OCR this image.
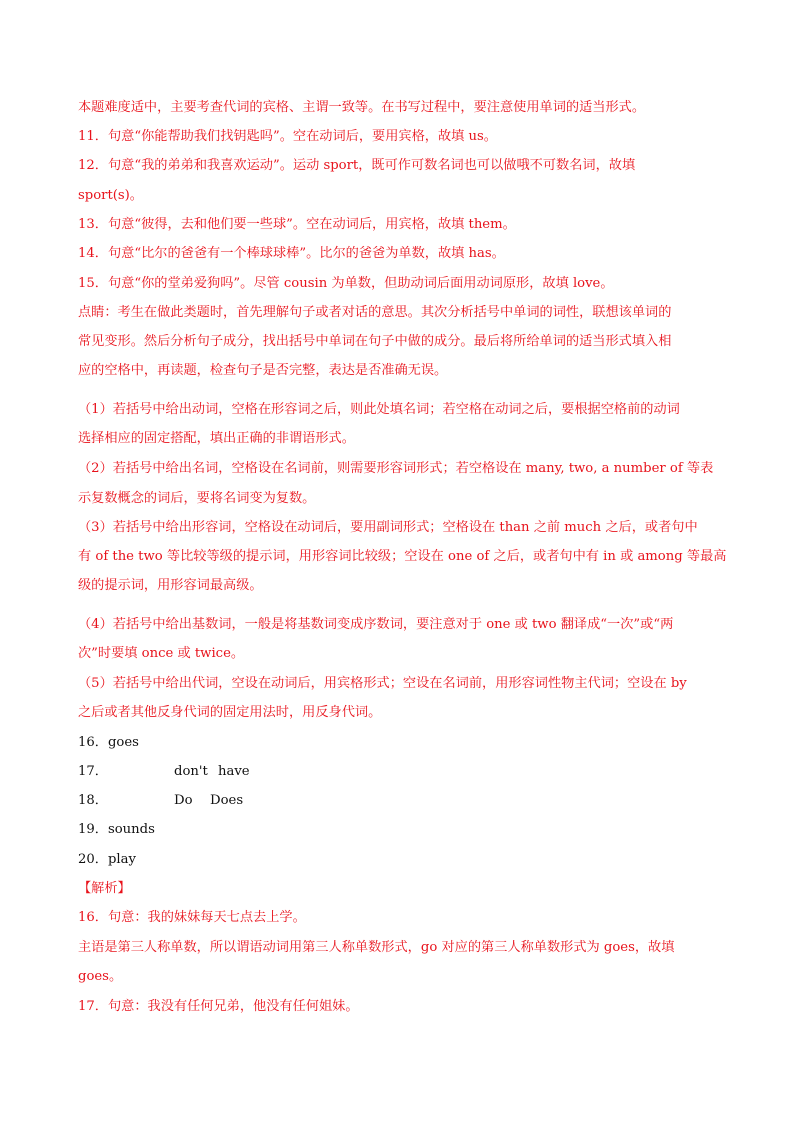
本题难度适中，主要考查代词的宾格、主谓一致等。在书写过程中，要注意使用单词的适当形式。
11．句意“你能帮助我们找钥匙吗”。空在动词后，要用宾格，故填 us。
12．句意“我的弟弟和我喜欢运动”。运动 sport，既可作可数名词也可以做哦不可数名词，故填
sport(s)。
13．句意“彼得，去和他们要一些球”。空在动词后，用宾格，故填 them。
14．句意“比尔的爸爸有一个棒球球棒”。比尔的爸爸为单数，故填 has。
15．句意“你的堂弟爱狗吗”。尽管 cousin 为单数，但助动词后面用动词原形，故填 love。
点睛：考生在做此类题时，首先理解句子或者对话的意思。其次分析括号中单词的词性，联想该单词的
常见变形。然后分析句子成分，找出括号中单词在句子中做的成分。最后将所给单词的适当形式填入相
应的空格中，再读题，检查句子是否完整，表达是否准确无误。
（1）若括号中给出动词，空格在形容词之后，则此处填名词；若空格在动词之后，要根据空格前的动词
选择相应的固定搭配，填出正确的非谓语形式。
（2）若括号中给出名词，空格设在名词前，则需要形容词形式；若空格设在 many, two, a number of 等表
示复数概念的词后，要将名词变为复数。
（3）若括号中给出形容词，空格设在动词后，要用副词形式；空格设在 than 之前 much 之后，或者句中
有 of the two 等比较等级的提示词，用形容词比较级；空设在 one of 之后，或者句中有 in 或 among 等最高
级的提示词，用形容词最高级。
（4）若括号中给出基数词，一般是将基数词变成序数词，要注意对于 one 或 two 翻译成“一次”或“两
次”时要填 once 或 twice。
（5）若括号中给出代词，空设在动词后，用宾格形式；空设在名词前，用形容词性物主代词；空设在 by
之后或者其他反身代词的固定用法时，用反身代词。
16．goes
17．	don't have
18．	Do Does
19．sounds
20．play
【解析】
16．句意：我的妹妹每天七点去上学。
主语是第三人称单数，所以谓语动词用第三人称单数形式，go 对应的第三人称单数形式为 goes，故填
goes。
17．句意：我没有任何兄弟，他没有任何姐妹。
